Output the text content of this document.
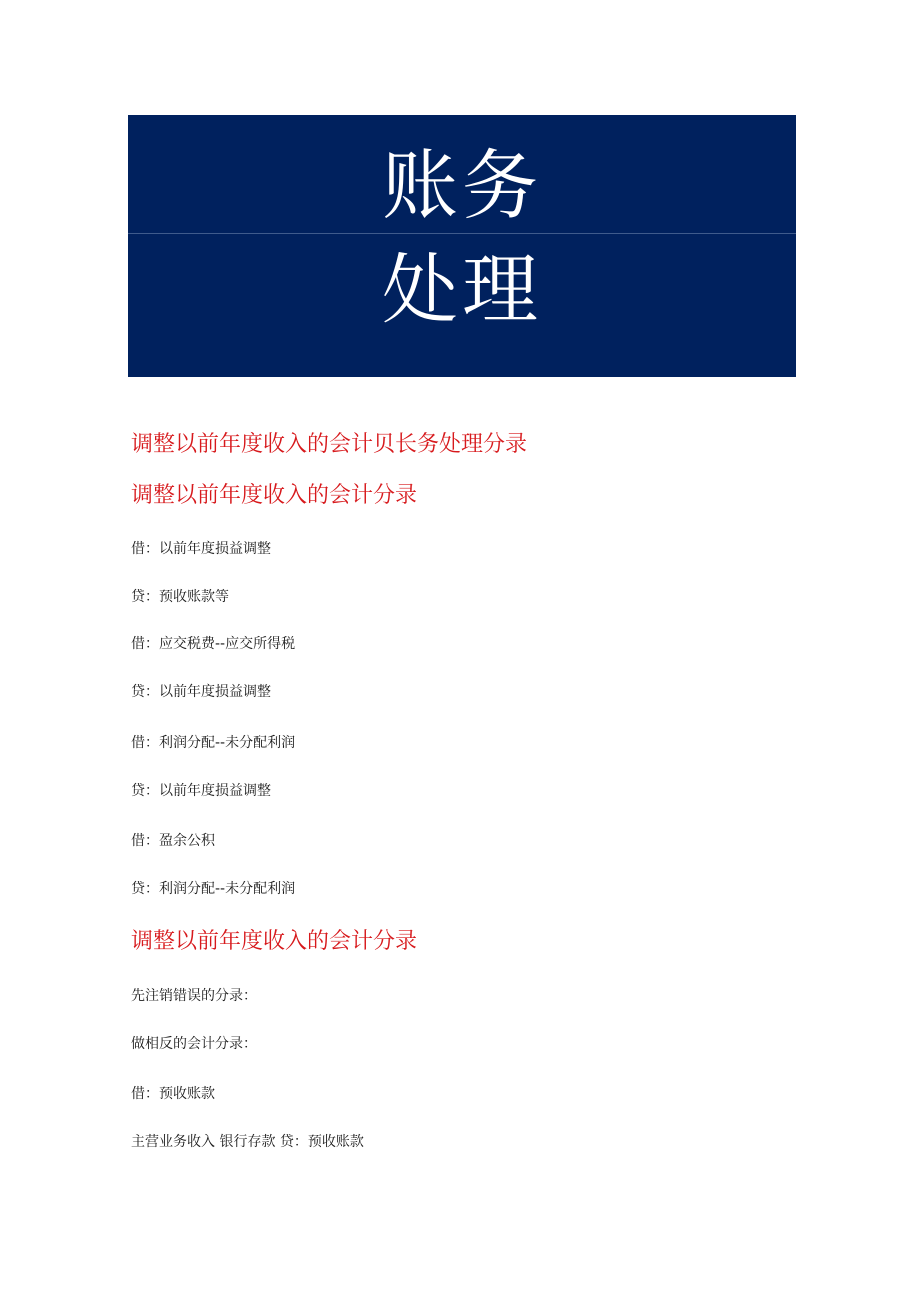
账务
处理
调整以前年度收入的会计贝长务处理分录
调整以前年度收入的会计分录
借：以前年度损益调整
贷：预收账款等
借：应交税费--应交所得税
贷：以前年度损益调整
借：利润分配--未分配利润
贷：以前年度损益调整
借：盈余公积
贷：利润分配--未分配利润
调整以前年度收入的会计分录
先注销错误的分录：
做相反的会计分录：
借：预收账款
主营业务收入 银行存款 贷：预收账款
